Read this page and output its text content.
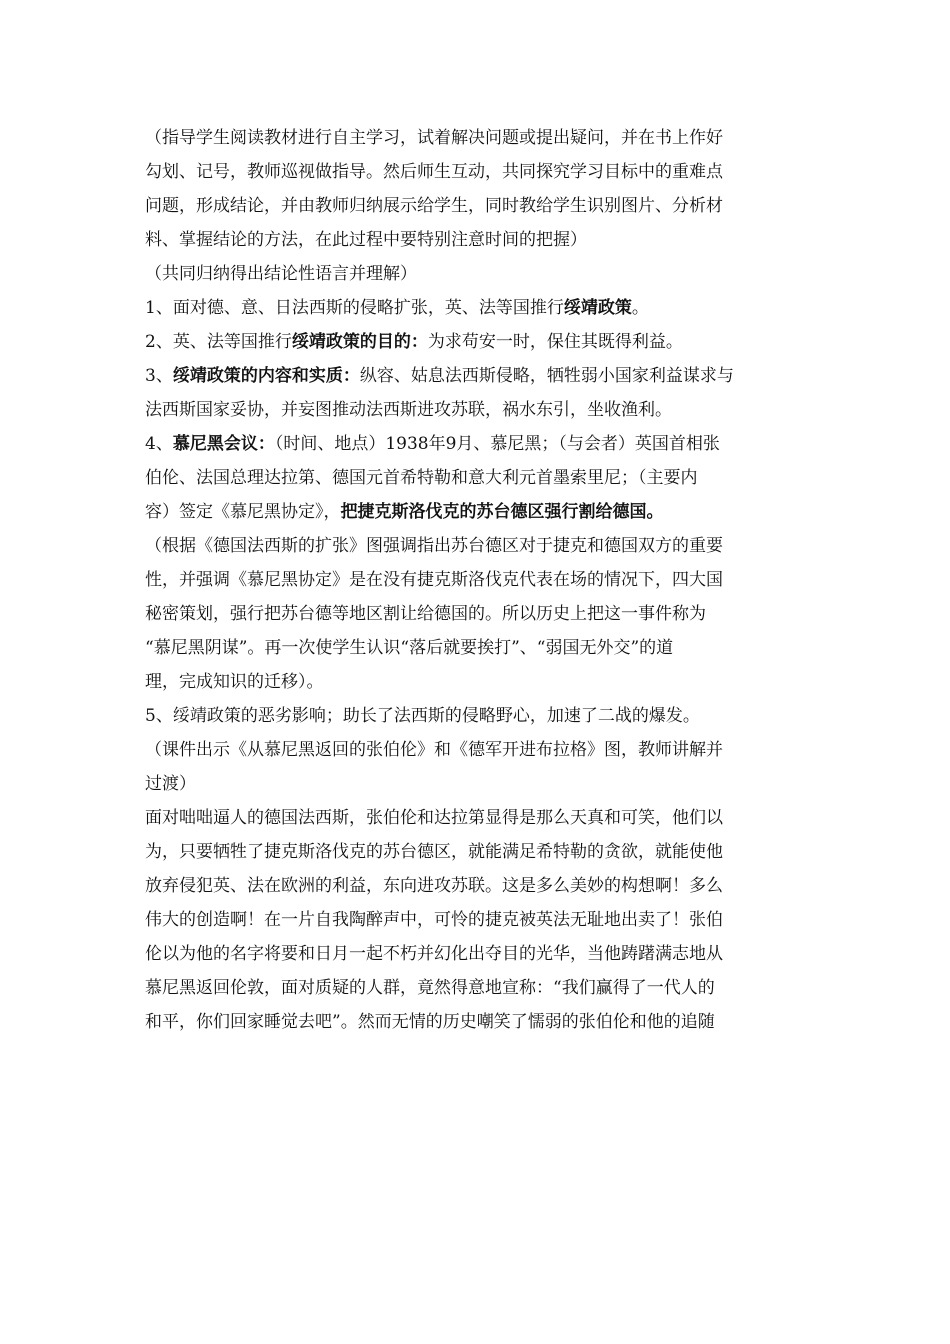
（指导学生阅读教材进行自主学习，试着解决问题或提出疑问，并在书上作好
勾划、记号，教师巡视做指导。然后师生互动，共同探究学习目标中的重难点
问题，形成结论，并由教师归纳展示给学生，同时教给学生识别图片、分析材
料、掌握结论的方法，在此过程中要特别注意时间的把握）
（共同归纳得出结论性语言并理解）
1、面对德、意、日法西斯的侵略扩张，英、法等国推行绥靖政策。
2、英、法等国推行绥靖政策的目的：为求苟安一时，保住其既得利益。
3、绥靖政策的内容和实质：纵容、姑息法西斯侵略，牺牲弱小国家利益谋求与
法西斯国家妥协，并妄图推动法西斯进攻苏联，祸水东引，坐收渔利。
4、慕尼黑会议：（时间、地点）1938年9月、慕尼黑；（与会者）英国首相张
伯伦、法国总理达拉第、德国元首希特勒和意大利元首墨索里尼；（主要内
容）签定《慕尼黑协定》，把捷克斯洛伐克的苏台德区强行割给德国。
（根据《德国法西斯的扩张》图强调指出苏台德区对于捷克和德国双方的重要
性，并强调《慕尼黑协定》是在没有捷克斯洛伐克代表在场的情况下，四大国
秘密策划，强行把苏台德等地区割让给德国的。所以历史上把这一事件称为
“慕尼黑阴谋”。再一次使学生认识“落后就要挨打”、“弱国无外交”的道
理，完成知识的迁移）。
5、绥靖政策的恶劣影响；助长了法西斯的侵略野心，加速了二战的爆发。
（课件出示《从慕尼黑返回的张伯伦》和《德军开进布拉格》图，教师讲解并
过渡）
面对咄咄逼人的德国法西斯，张伯伦和达拉第显得是那么天真和可笑，他们以
为，只要牺牲了捷克斯洛伐克的苏台德区，就能满足希特勒的贪欲，就能使他
放弃侵犯英、法在欧洲的利益，东向进攻苏联。这是多么美妙的构想啊！多么
伟大的创造啊！在一片自我陶醉声中，可怜的捷克被英法无耻地出卖了！张伯
伦以为他的名字将要和日月一起不朽并幻化出夺目的光华，当他踌躇满志地从
慕尼黑返回伦敦，面对质疑的人群，竟然得意地宣称：“我们赢得了一代人的
和平，你们回家睡觉去吧”。然而无情的历史嘲笑了懦弱的张伯伦和他的追随
